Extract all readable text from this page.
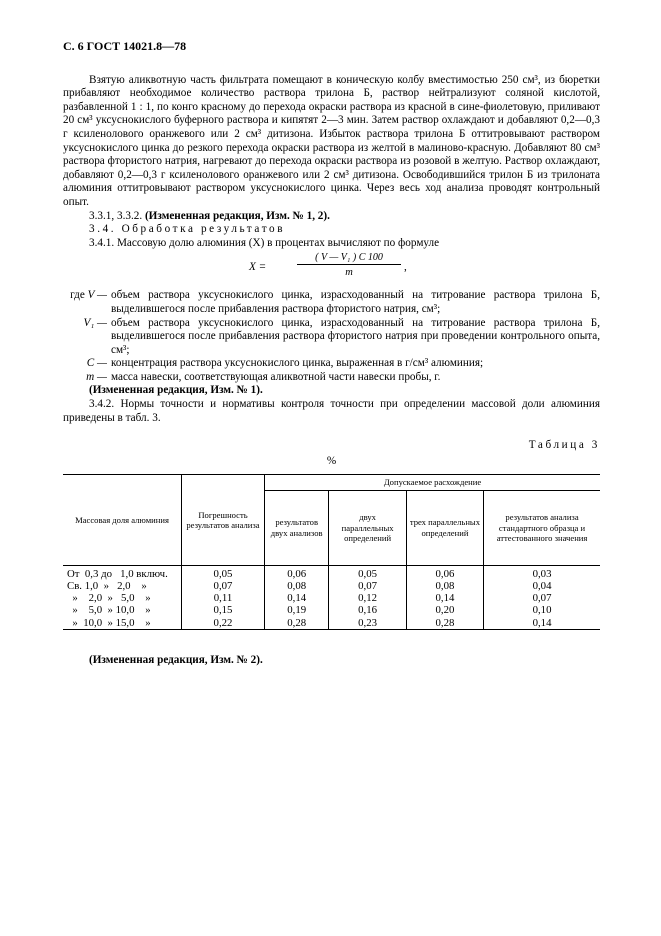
С. 6 ГОСТ 14021.8—78

Взятую аликвотную часть фильтрата помещают в коническую колбу вместимостью 250 см³, из бюретки прибавляют необходимое количество раствора трилона Б, раствор нейтрализуют соляной кислотой, разбавленной 1 : 1, по конго красному до перехода окраски раствора из красной в сине-фиолетовую, приливают 20 см³ уксуснокислого буферного раствора и кипятят 2—3 мин. Затем раствор охлаждают и добавляют 0,2—0,3 г ксиленолового оранжевого или 2 см³ дитизона. Избыток раствора трилона Б оттитровывают раствором уксуснокислого цинка до резкого перехода окраски раствора из желтой в малиново-красную. Добавляют 80 см³ раствора фтористого натрия, нагревают до перехода окраски раствора из розовой в желтую. Раствор охлаждают, добавляют 0,2—0,3 г ксиленолового оранжевого или 2 см³ дитизона. Освободившийся трилон Б из трилоната алюминия оттитровывают раствором уксуснокислого цинка. Через весь ход анализа проводят контрольный опыт.

3.3.1, 3.3.2. (Измененная редакция, Изм. № 1, 2).

3.4. Обработка результатов

3.4.1. Массовую долю алюминия (X) в процентах вычисляют по формуле

X =
( V — V₁ ) C 100
m	,
где V — объем раствора уксуснокислого цинка, израсходованный на титрование раствора трилона Б, выделившегося после прибавления раствора фтористого натрия, см³;
V₁ — объем раствора уксуснокислого цинка, израсходованный на титрование раствора трилона Б, выделившегося после прибавления раствора фтористого натрия при проведении контрольного опыта, см³;
C — концентрация раствора уксуснокислого цинка, выраженная в г/см³ алюминия;
m — масса навески, соответствующая аликвотной части навески пробы, г.

(Измененная редакция, Изм. № 1).

3.4.2. Нормы точности и нормативы контроля точности при определении массовой доли алюминия приведены в табл. 3.

Таблица 3
%
Массовая доля алюминия	Погрешность результатов анализа	Допускаемое расхождение			
		результатов двух анализов	двух параллельных определений	трех параллельных определений	результатов анализа стандартного образца и аттестованного значения
От  0,3 до   1,0 включ.	0,05	0,06	0,05	0,06	0,03
Св. 1,0  »   2,0    »	0,07	0,08	0,07	0,08	0,04
»    2,0  »   5,0    »	0,11	0,14	0,12	0,14	0,07
»    5,0  » 10,0    »	0,15	0,19	0,16	0,20	0,10
»  10,0  » 15,0    »	0,22	0,28	0,23	0,28	0,14

(Измененная редакция, Изм. № 2).
